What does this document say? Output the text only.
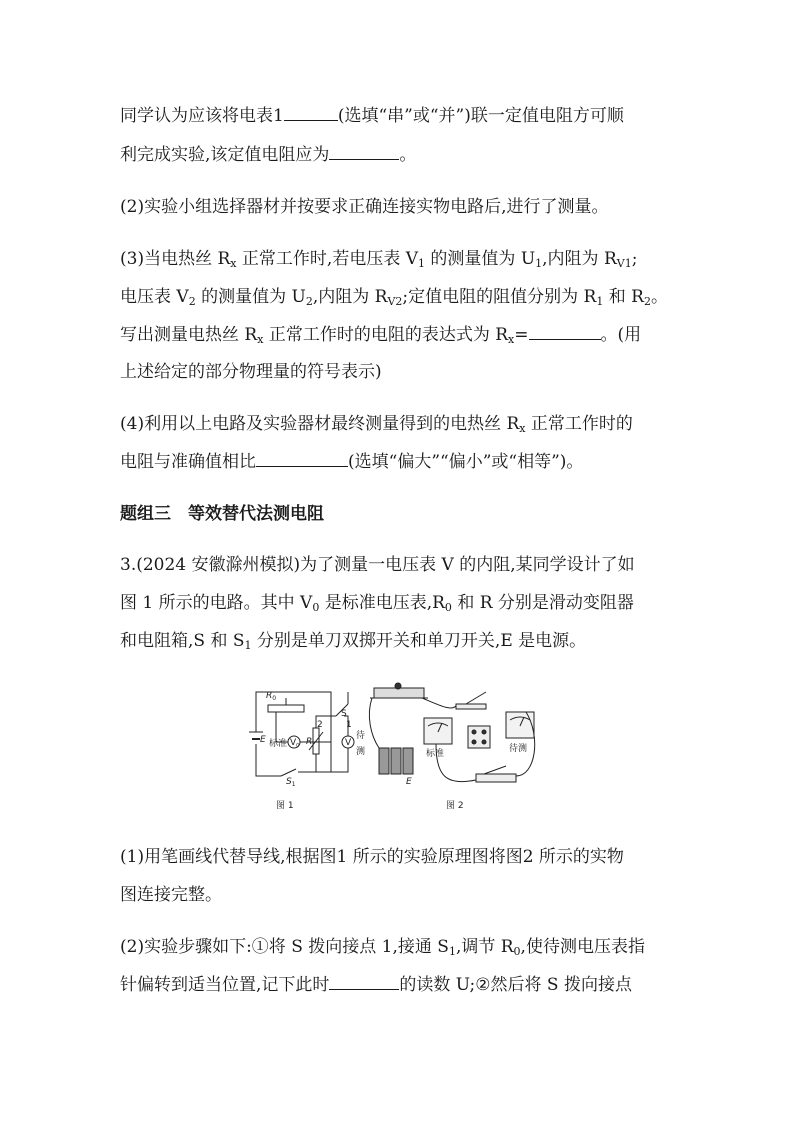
同学认为应该将电表1	(选填“串”或“并”)联一定值电阻方可顺
利完成实验,该定值电阻应为	。
(2)实验小组选择器材并按要求正确连接实物电路后,进行了测量。
(3)当电热丝 $R_x$ 正常工作时,若电压表 $V_1$ 的测量值为 $U_1$,内阻为 $R_{V1}$;
电压表 $V_2$ 的测量值为 $U_2$,内阻为 $R_{V2}$;定值电阻的阻值分别为 $R_1$ 和 $R_2$。
写出测量电热丝 $R_x$ 正常工作时的电阻的表达式为 $R_x=$	。(用
上述给定的部分物理量的符号表示)
(4)利用以上电路及实验器材最终测量得到的电热丝 $R_x$ 正常工作时的
电阻与准确值相比	(选填“偏大”“偏小”或“相等”)。
题组三　等效替代法测电阻
3.(2024 安徽滁州模拟)为了测量一电压表 V 的内阻,某同学设计了如
图 1 所示的电路。其中 $V_0$ 是标准电压表$,R_0$ 和 R 分别是滑动变阻器
和电阻箱,S 和 $S_1$ 分别是单刀双掷开关和单刀开关,E 是电源。
$R_0$
E 标准 $V_0$ R
2	1
S
V
待
测
$S_1$
图 1
E
标准	待测
图 2
(1)用笔画线代替导线,根据图1 所示的实验原理图将图2 所示的实物
图连接完整。
(2)实验步骤如下:①将 S 拨向接点 1,接通 $S_1$,调节 $R_0$,使待测电压表指
针偏转到适当位置,记下此时	的读数 U;②然后将 S 拨向接点
